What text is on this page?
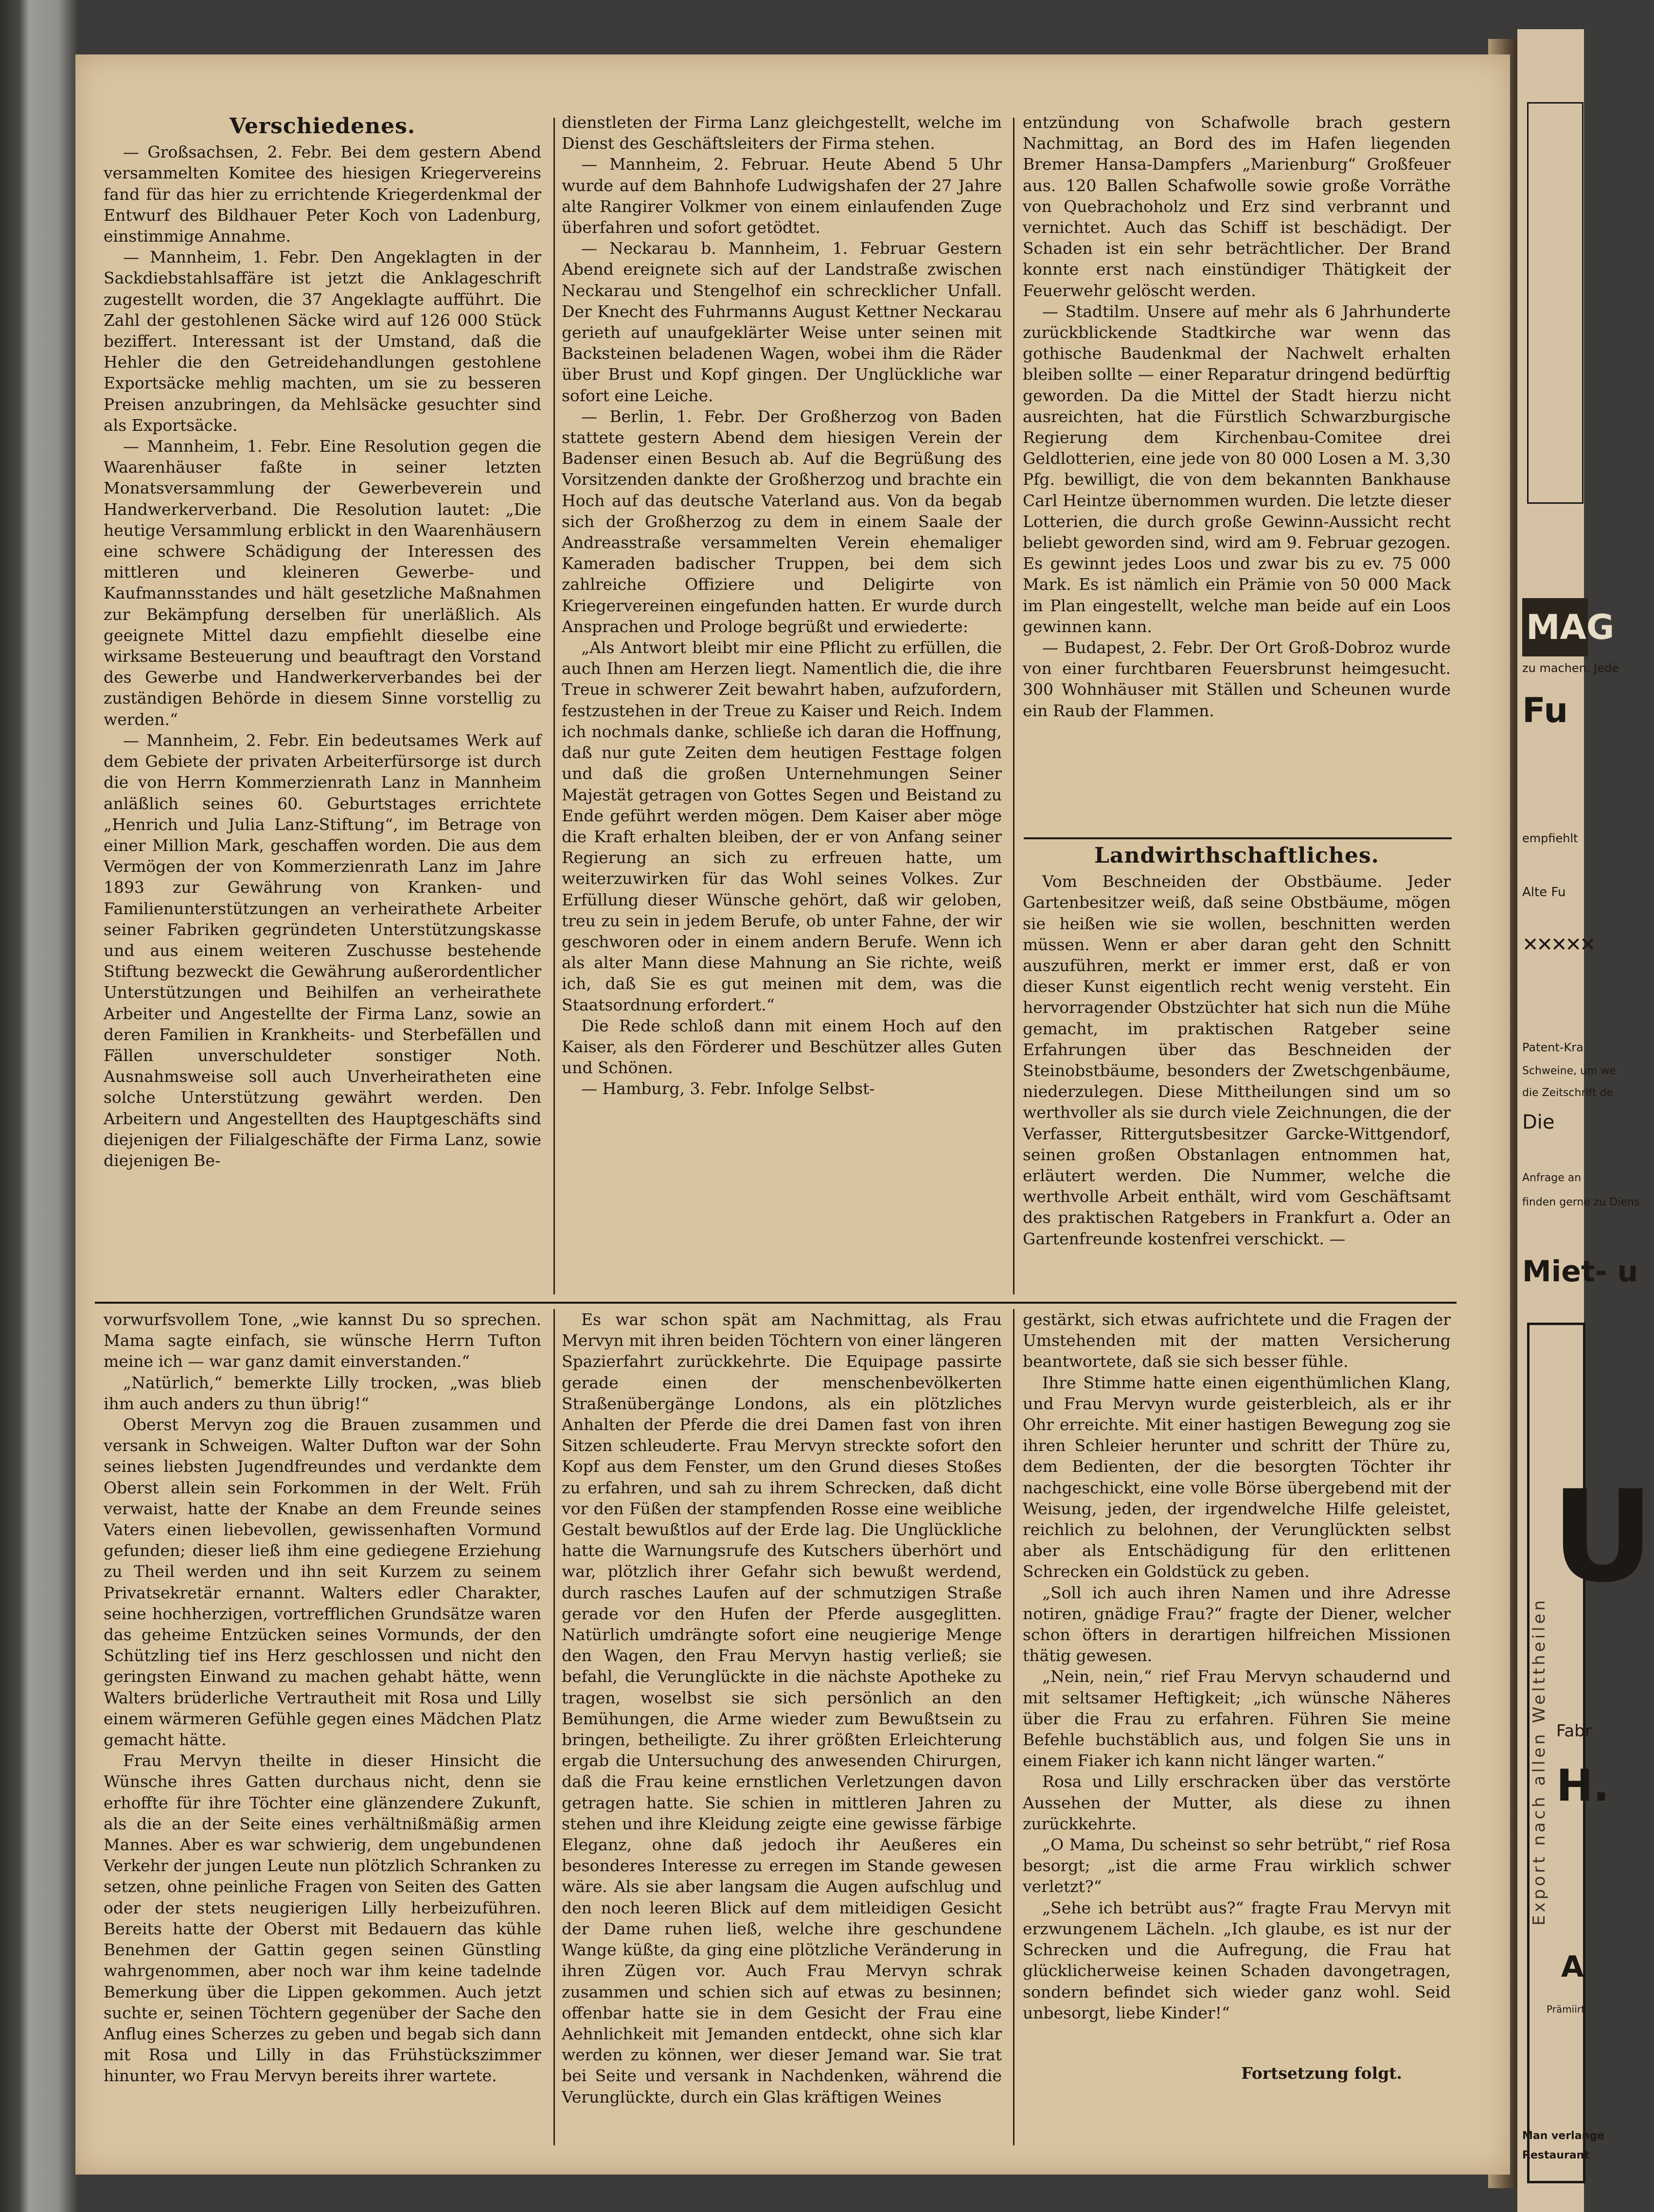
Verschiedenes.

— Großsachsen, 2. Febr. Bei dem gestern Abend versammelten Komitee des hiesigen Kriegervereins fand für das hier zu errichtende Kriegerdenkmal der Entwurf des Bildhauer Peter Koch von Ladenburg, einstimmige Annahme.

— Mannheim, 1. Febr. Den Angeklagten in der Sackdiebstahlsaffäre ist jetzt die Anklageschrift zugestellt worden, die 37 Angeklagte aufführt. Die Zahl der gestohlenen Säcke wird auf 126 000 Stück beziffert. Interessant ist der Umstand, daß die Hehler die den Getreidehandlungen gestohlene Exportsäcke mehlig machten, um sie zu besseren Preisen anzubringen, da Mehlsäcke gesuchter sind als Exportsäcke.

— Mannheim, 1. Febr. Eine Resolution gegen die Waarenhäuser faßte in seiner letzten Monatsversammlung der Gewerbeverein und Handwerkerverband. Die Resolution lautet: „Die heutige Versammlung erblickt in den Waarenhäusern eine schwere Schädigung der Interessen des mittleren und kleineren Gewerbe- und Kaufmannsstandes und hält gesetzliche Maßnahmen zur Bekämpfung derselben für unerläßlich. Als geeignete Mittel dazu empfiehlt dieselbe eine wirksame Besteuerung und beauftragt den Vorstand des Gewerbe und Handwerkerverbandes bei der zuständigen Behörde in diesem Sinne vorstellig zu werden.“

— Mannheim, 2. Febr. Ein bedeutsames Werk auf dem Gebiete der privaten Arbeiterfürsorge ist durch die von Herrn Kommerzienrath Lanz in Mannheim anläßlich seines 60. Geburtstages errichtete „Henrich und Julia Lanz-Stiftung“, im Betrage von einer Million Mark, geschaffen worden. Die aus dem Vermögen der von Kommerzienrath Lanz im Jahre 1893 zur Gewährung von Kranken- und Familienunterstützungen an verheirathete Arbeiter seiner Fabriken gegründeten Unterstützungskasse und aus einem weiteren Zuschusse bestehende Stiftung bezweckt die Gewährung außerordentlicher Unterstützungen und Beihilfen an verheirathete Arbeiter und Angestellte der Firma Lanz, sowie an deren Familien in Krankheits- und Sterbefällen und Fällen unverschuldeter sonstiger Noth. Ausnahmsweise soll auch Unverheiratheten eine solche Unterstützung gewährt werden. Den Arbeitern und Angestellten des Hauptgeschäfts sind diejenigen der Filialgeschäfte der Firma Lanz, sowie diejenigen Be-

dienstleten der Firma Lanz gleichgestellt, welche im Dienst des Geschäftsleiters der Firma stehen.

— Mannheim, 2. Februar. Heute Abend 5 Uhr wurde auf dem Bahnhofe Ludwigshafen der 27 Jahre alte Rangirer Volkmer von einem einlaufenden Zuge überfahren und sofort getödtet.

— Neckarau b. Mannheim, 1. Februar Gestern Abend ereignete sich auf der Landstraße zwischen Neckarau und Stengelhof ein schrecklicher Unfall. Der Knecht des Fuhrmanns August Kettner Neckarau gerieth auf unaufgeklärter Weise unter seinen mit Backsteinen beladenen Wagen, wobei ihm die Räder über Brust und Kopf gingen. Der Unglückliche war sofort eine Leiche.

— Berlin, 1. Febr. Der Großherzog von Baden stattete gestern Abend dem hiesigen Verein der Badenser einen Besuch ab. Auf die Begrüßung des Vorsitzenden dankte der Großherzog und brachte ein Hoch auf das deutsche Vaterland aus. Von da begab sich der Großherzog zu dem in einem Saale der Andreasstraße versammelten Verein ehemaliger Kameraden badischer Truppen, bei dem sich zahlreiche Offiziere und Deligirte von Kriegervereinen eingefunden hatten. Er wurde durch Ansprachen und Prologe begrüßt und erwiederte:

„Als Antwort bleibt mir eine Pflicht zu erfüllen, die auch Ihnen am Herzen liegt. Namentlich die, die ihre Treue in schwerer Zeit bewahrt haben, aufzufordern, festzustehen in der Treue zu Kaiser und Reich. Indem ich nochmals danke, schließe ich daran die Hoffnung, daß nur gute Zeiten dem heutigen Festtage folgen und daß die großen Unternehmungen Seiner Majestät getragen von Gottes Segen und Beistand zu Ende geführt werden mögen. Dem Kaiser aber möge die Kraft erhalten bleiben, der er von Anfang seiner Regierung an sich zu erfreuen hatte, um weiterzuwirken für das Wohl seines Volkes. Zur Erfüllung dieser Wünsche gehört, daß wir geloben, treu zu sein in jedem Berufe, ob unter Fahne, der wir geschworen oder in einem andern Berufe. Wenn ich als alter Mann diese Mahnung an Sie richte, weiß ich, daß Sie es gut meinen mit dem, was die Staatsordnung erfordert.“

Die Rede schloß dann mit einem Hoch auf den Kaiser, als den Förderer und Beschützer alles Guten und Schönen.

— Hamburg, 3. Febr. Infolge Selbst-

entzündung von Schafwolle brach gestern Nachmittag, an Bord des im Hafen liegenden Bremer Hansa-Dampfers „Marienburg“ Großfeuer aus. 120 Ballen Schafwolle sowie große Vorräthe von Quebrachoholz und Erz sind verbrannt und vernichtet. Auch das Schiff ist beschädigt. Der Schaden ist ein sehr beträchtlicher. Der Brand konnte erst nach einstündiger Thätigkeit der Feuerwehr gelöscht werden.

— Stadtilm. Unsere auf mehr als 6 Jahrhunderte zurückblickende Stadtkirche war wenn das gothische Baudenkmal der Nachwelt erhalten bleiben sollte — einer Reparatur dringend bedürftig geworden. Da die Mittel der Stadt hierzu nicht ausreichten, hat die Fürstlich Schwarzburgische Regierung dem Kirchenbau-Comitee drei Geldlotterien, eine jede von 80 000 Losen a M. 3,30 Pfg. bewilligt, die von dem bekannten Bankhause Carl Heintze übernommen wurden. Die letzte dieser Lotterien, die durch große Gewinn-Aussicht recht beliebt geworden sind, wird am 9. Februar gezogen. Es gewinnt jedes Loos und zwar bis zu ev. 75 000 Mark. Es ist nämlich ein Prämie von 50 000 Mack im Plan eingestellt, welche man beide auf ein Loos gewinnen kann.

— Budapest, 2. Febr. Der Ort Groß-Dobroz wurde von einer furchtbaren Feuersbrunst heimgesucht. 300 Wohnhäuser mit Ställen und Scheunen wurde ein Raub der Flammen.

Landwirthschaftliches.

Vom Beschneiden der Obstbäume. Jeder Gartenbesitzer weiß, daß seine Obstbäume, mögen sie heißen wie sie wollen, beschnitten werden müssen. Wenn er aber daran geht den Schnitt auszuführen, merkt er immer erst, daß er von dieser Kunst eigentlich recht wenig versteht. Ein hervorragender Obstzüchter hat sich nun die Mühe gemacht, im praktischen Ratgeber seine Erfahrungen über das Beschneiden der Steinobstbäume, besonders der Zwetschgenbäume, niederzulegen. Diese Mittheilungen sind um so werthvoller als sie durch viele Zeichnungen, die der Verfasser, Rittergutsbesitzer Garcke-Wittgendorf, seinen großen Obstanlagen entnommen hat, erläutert werden. Die Nummer, welche die werthvolle Arbeit enthält, wird vom Geschäftsamt des praktischen Ratgebers in Frankfurt a. Oder an Gartenfreunde kostenfrei verschickt. —

vorwurfsvollem Tone, „wie kannst Du so sprechen. Mama sagte einfach, sie wünsche Herrn Tufton meine ich — war ganz damit einverstanden.“

„Natürlich,“ bemerkte Lilly trocken, „was blieb ihm auch anders zu thun übrig!“

Oberst Mervyn zog die Brauen zusammen und versank in Schweigen. Walter Dufton war der Sohn seines liebsten Jugendfreundes und verdankte dem Oberst allein sein Forkommen in der Welt. Früh verwaist, hatte der Knabe an dem Freunde seines Vaters einen liebevollen, gewissenhaften Vormund gefunden; dieser ließ ihm eine gediegene Erziehung zu Theil werden und ihn seit Kurzem zu seinem Privatsekretär ernannt. Walters edler Charakter, seine hochherzigen, vortrefflichen Grundsätze waren das geheime Entzücken seines Vormunds, der den Schützling tief ins Herz geschlossen und nicht den geringsten Einwand zu machen gehabt hätte, wenn Walters brüderliche Vertrautheit mit Rosa und Lilly einem wärmeren Gefühle gegen eines Mädchen Platz gemacht hätte.

Frau Mervyn theilte in dieser Hinsicht die Wünsche ihres Gatten durchaus nicht, denn sie erhoffte für ihre Töchter eine glänzendere Zukunft, als die an der Seite eines verhältnißmäßig armen Mannes. Aber es war schwierig, dem ungebundenen Verkehr der jungen Leute nun plötzlich Schranken zu setzen, ohne peinliche Fragen von Seiten des Gatten oder der stets neugierigen Lilly herbeizuführen. Bereits hatte der Oberst mit Bedauern das kühle Benehmen der Gattin gegen seinen Günstling wahrgenommen, aber noch war ihm keine tadelnde Bemerkung über die Lippen gekommen. Auch jetzt suchte er, seinen Töchtern gegenüber der Sache den Anflug eines Scherzes zu geben und begab sich dann mit Rosa und Lilly in das Frühstückszimmer hinunter, wo Frau Mervyn bereits ihrer wartete.

Es war schon spät am Nachmittag, als Frau Mervyn mit ihren beiden Töchtern von einer längeren Spazierfahrt zurückkehrte. Die Equipage passirte gerade einen der menschenbevölkerten Straßenübergänge Londons, als ein plötzliches Anhalten der Pferde die drei Damen fast von ihren Sitzen schleuderte. Frau Mervyn streckte sofort den Kopf aus dem Fenster, um den Grund dieses Stoßes zu erfahren, und sah zu ihrem Schrecken, daß dicht vor den Füßen der stampfenden Rosse eine weibliche Gestalt bewußtlos auf der Erde lag. Die Unglückliche hatte die Warnungsrufe des Kutschers überhört und war, plötzlich ihrer Gefahr sich bewußt werdend, durch rasches Laufen auf der schmutzigen Straße gerade vor den Hufen der Pferde ausgeglitten. Natürlich umdrängte sofort eine neugierige Menge den Wagen, den Frau Mervyn hastig verließ; sie befahl, die Verunglückte in die nächste Apotheke zu tragen, woselbst sie sich persönlich an den Bemühungen, die Arme wieder zum Bewußtsein zu bringen, betheiligte. Zu ihrer größten Erleichterung ergab die Untersuchung des anwesenden Chirurgen, daß die Frau keine ernstlichen Verletzungen davon getragen hatte. Sie schien in mittleren Jahren zu stehen und ihre Kleidung zeigte eine gewisse färbige Eleganz, ohne daß jedoch ihr Aeußeres ein besonderes Interesse zu erregen im Stande gewesen wäre. Als sie aber langsam die Augen aufschlug und den noch leeren Blick auf dem mitleidigen Gesicht der Dame ruhen ließ, welche ihre geschundene Wange küßte, da ging eine plötzliche Veränderung in ihren Zügen vor. Auch Frau Mervyn schrak zusammen und schien sich auf etwas zu besinnen; offenbar hatte sie in dem Gesicht der Frau eine Aehnlichkeit mit Jemanden entdeckt, ohne sich klar werden zu können, wer dieser Jemand war. Sie trat bei Seite und versank in Nachdenken, während die Verunglückte, durch ein Glas kräftigen Weines

gestärkt, sich etwas aufrichtete und die Fragen der Umstehenden mit der matten Versicherung beantwortete, daß sie sich besser fühle.

Ihre Stimme hatte einen eigenthümlichen Klang, und Frau Mervyn wurde geisterbleich, als er ihr Ohr erreichte. Mit einer hastigen Bewegung zog sie ihren Schleier herunter und schritt der Thüre zu, dem Bedienten, der die besorgten Töchter ihr nachgeschickt, eine volle Börse übergebend mit der Weisung, jeden, der irgendwelche Hilfe geleistet, reichlich zu belohnen, der Verunglückten selbst aber als Entschädigung für den erlittenen Schrecken ein Goldstück zu geben.

„Soll ich auch ihren Namen und ihre Adresse notiren, gnädige Frau?“ fragte der Diener, welcher schon öfters in derartigen hilfreichen Missionen thätig gewesen.

„Nein, nein,“ rief Frau Mervyn schaudernd und mit seltsamer Heftigkeit; „ich wünsche Näheres über die Frau zu erfahren. Führen Sie meine Befehle buchstäblich aus, und folgen Sie uns in einem Fiaker ich kann nicht länger warten.“

Rosa und Lilly erschracken über das verstörte Aussehen der Mutter, als diese zu ihnen zurückkehrte.

„O Mama, Du scheinst so sehr betrübt,“ rief Rosa besorgt; „ist die arme Frau wirklich schwer verletzt?“

„Sehe ich betrübt aus?“ fragte Frau Mervyn mit erzwungenem Lächeln. „Ich glaube, es ist nur der Schrecken und die Aufregung, die Frau hat glücklicherweise keinen Schaden davongetragen, sondern befindet sich wieder ganz wohl. Seid unbesorgt, liebe Kinder!“

Fortsetzung folgt.
MAG
zu machen. Jede
Fu
empfiehlt
Alte Fu
✕✕✕✕✕
Patent-Kra
Schweine, um we
die Zeitschrift de
Die
Anfrage an
finden gerne zu Diens
Miet- u
U
Export nach allen Welttheilen Fabr
H.
A
Prämiirt
Man verlange
Restaurant
